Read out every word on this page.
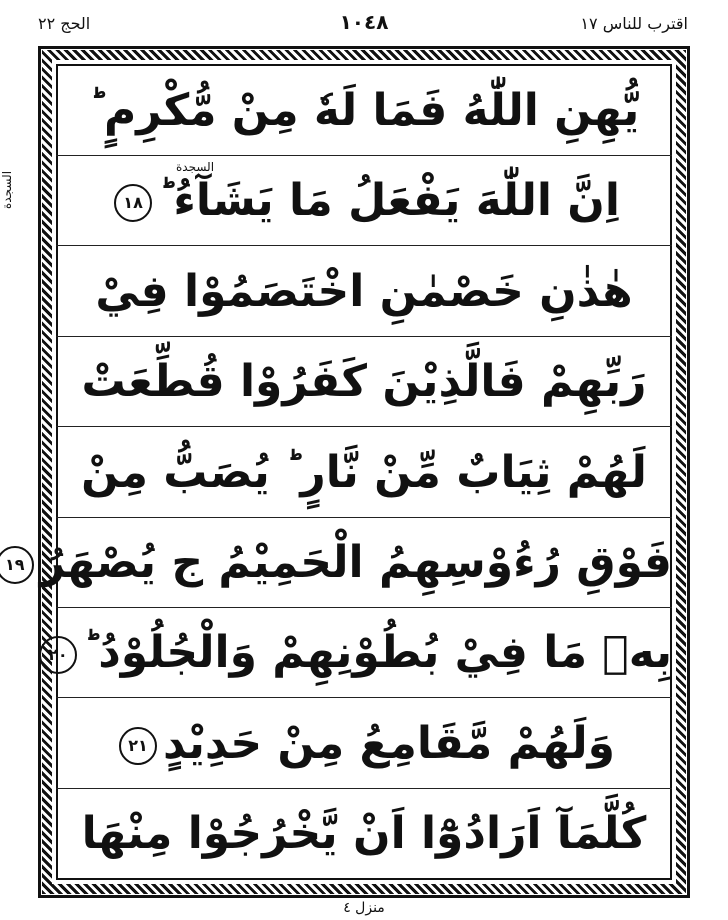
اقترب للناس ١٧
١٠٤٨
الحج ٢٢
السجدة
يُّهِنِ اللّٰهُ فَمَا لَهٗ مِنْ مُّكْرِمٍ ؕ
اِنَّ اللّٰهَ يَفْعَلُ مَا يَشَآءُ ؕ١٨
السجدة
هٰذٰنِ خَصْمٰنِ اخْتَصَمُوْا فِيْ
رَبِّهِمْ فَالَّذِيْنَ كَفَرُوْا قُطِّعَتْ
لَهُمْ ثِيَابٌ مِّنْ نَّارٍ ؕ يُصَبُّ مِنْ
فَوْقِ رُءُوْسِهِمُ الْحَمِيْمُ ج يُصْهَرُ١٩
بِهٖ مَا فِيْ بُطُوْنِهِمْ وَالْجُلُوْدُ ؕ٢٠
وَلَهُمْ مَّقَامِعُ مِنْ حَدِيْدٍ٢١
كُلَّمَآ اَرَادُوْٓا اَنْ يَّخْرُجُوْا مِنْهَا
منزل ٤
